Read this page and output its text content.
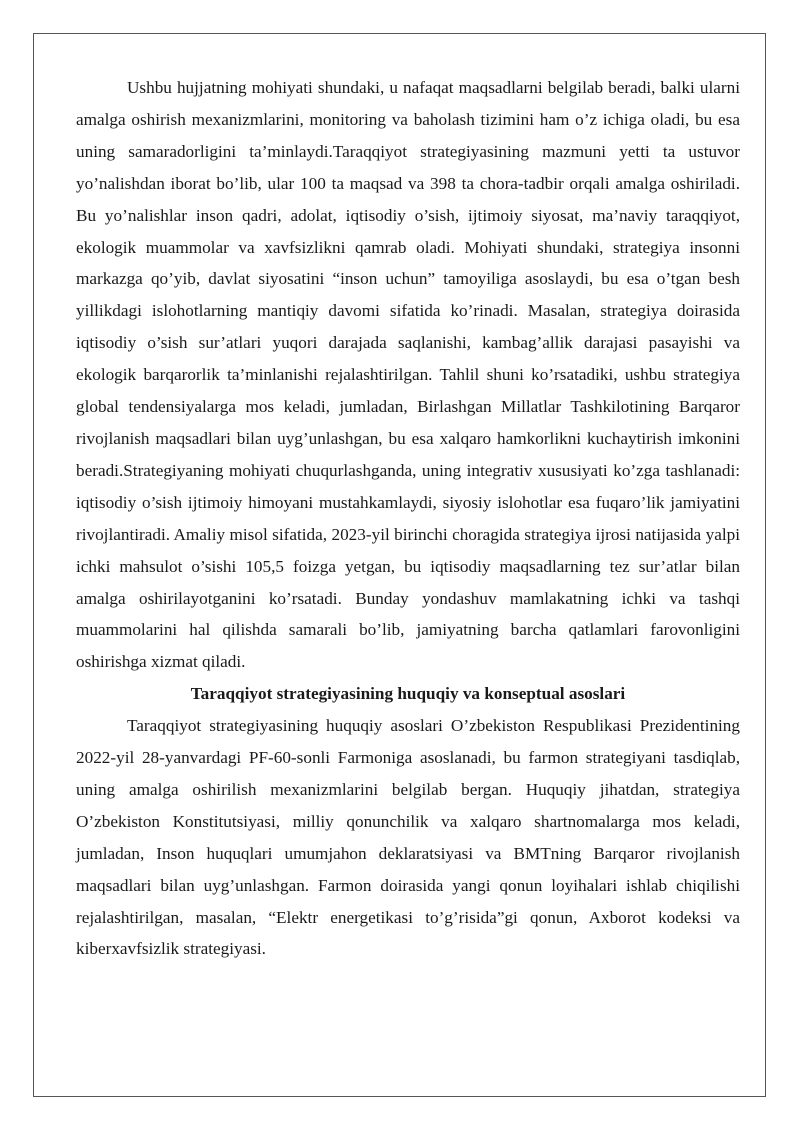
Ushbu hujjatning mohiyati shundaki, u nafaqat maqsadlarni belgilab beradi, balki ularni amalga oshirish mexanizmlarini, monitoring va baholash tizimini ham o’z ichiga oladi, bu esa uning samaradorligini ta’minlaydi.Taraqqiyot strategiyasining mazmuni yetti ta ustuvor yo’nalishdan iborat bo’lib, ular 100 ta maqsad va 398 ta chora-tadbir orqali amalga oshiriladi. Bu yo’nalishlar inson qadri, adolat, iqtisodiy o’sish, ijtimoiy siyosat, ma’naviy taraqqiyot, ekologik muammolar va xavfsizlikni qamrab oladi. Mohiyati shundaki, strategiya insonni markazga qo’yib, davlat siyosatini “inson uchun” tamoyiliga asoslaydi, bu esa o’tgan besh yillikdagi islohotlarning mantiqiy davomi sifatida ko’rinadi. Masalan, strategiya doirasida iqtisodiy o’sish sur’atlari yuqori darajada saqlanishi, kambag’allik darajasi pasayishi va ekologik barqarorlik ta’minlanishi rejalashtirilgan. Tahlil shuni ko’rsatadiki, ushbu strategiya global tendensiyalarga mos keladi, jumladan, Birlashgan Millatlar Tashkilotining Barqaror rivojlanish maqsadlari bilan uyg’unlashgan, bu esa xalqaro hamkorlikni kuchaytirish imkonini beradi.Strategiyaning mohiyati chuqurlashganda, uning integrativ xususiyati ko’zga tashlanadi: iqtisodiy o’sish ijtimoiy himoyani mustahkamlaydi, siyosiy islohotlar esa fuqaro’lik jamiyatini rivojlantiradi. Amaliy misol sifatida, 2023-yil birinchi choragida strategiya ijrosi natijasida yalpi ichki mahsulot o’sishi 105,5 foizga yetgan, bu iqtisodiy maqsadlarning tez sur’atlar bilan amalga oshirilayotganini ko’rsatadi. Bunday yondashuv mamlakatning ichki va tashqi muammolarini hal qilishda samarali bo’lib, jamiyatning barcha qatlamlari farovonligini oshirishga xizmat qiladi.

Taraqqiyot strategiyasining huquqiy va konseptual asoslari

Taraqqiyot strategiyasining huquqiy asoslari O’zbekiston Respublikasi Prezidentining 2022-yil 28-yanvardagi PF-60-sonli Farmoniga asoslanadi, bu farmon strategiyani tasdiqlab, uning amalga oshirilish mexanizmlarini belgilab bergan. Huquqiy jihatdan, strategiya O’zbekiston Konstitutsiyasi, milliy qonunchilik va xalqaro shartnomalarga mos keladi, jumladan, Inson huquqlari umumjahon deklaratsiyasi va BMTning Barqaror rivojlanish maqsadlari bilan uyg’unlashgan. Farmon doirasida yangi qonun loyihalari ishlab chiqilishi rejalashtirilgan, masalan, “Elektr energetikasi to’g’risida”gi qonun, Axborot kodeksi va kiberxavfsizlik strategiyasi.
